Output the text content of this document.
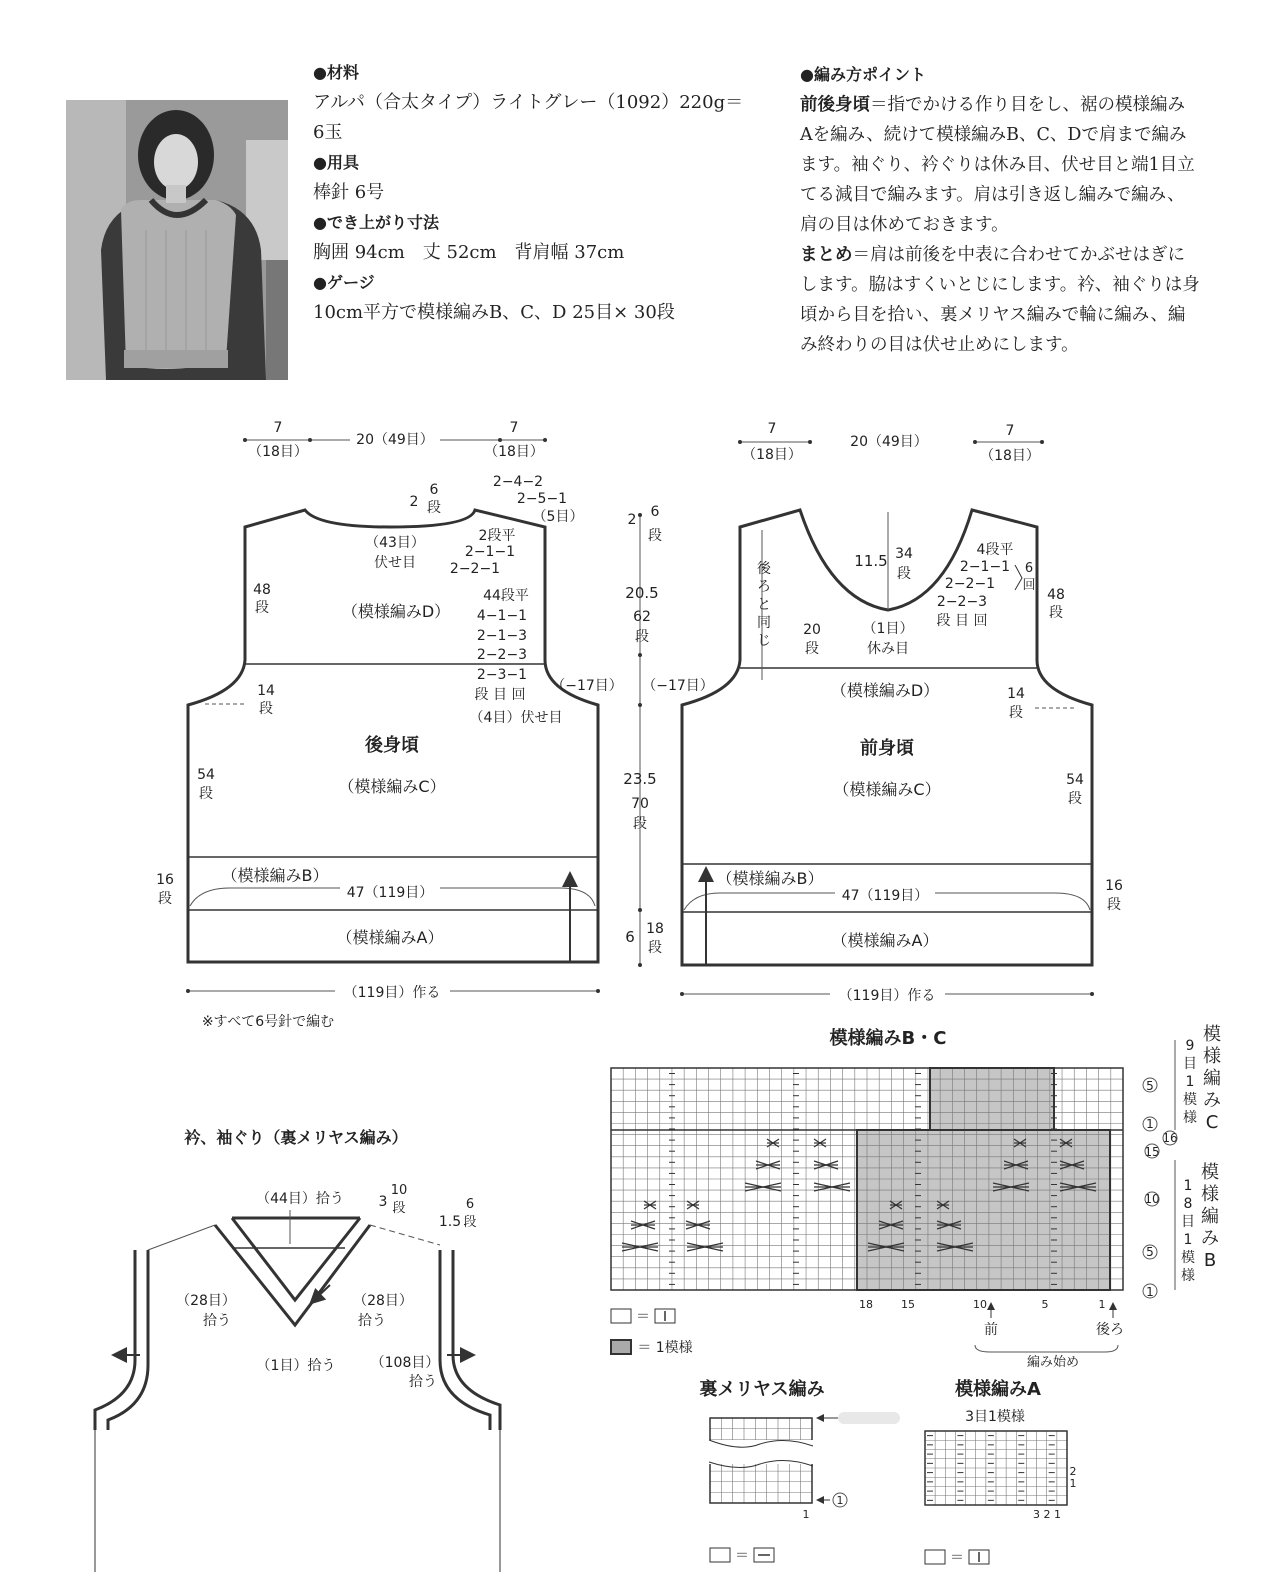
●材料
アルパ（合太タイプ）ライトグレー（1092）220g＝
6玉
●用具
棒針 6号
●でき上がり寸法
胸囲 94cm　丈 52cm　背肩幅 37cm
●ゲージ
10cm平方で模様編みB、C、D 25目× 30段
●編み方ポイント
前後身頃＝指でかける作り目をし、裾の模様編み
Aを編み、続けて模様編みB、C、Dで肩まで編み
ます。袖ぐり、衿ぐりは休み目、伏せ目と端1目立
てる減目で編みます。肩は引き返し編みで編み、
肩の目は休めておきます。
まとめ＝肩は前後を中表に合わせてかぶせはぎに
します。脇はすくいとじにします。衿、袖ぐりは身
頃から目を拾い、裏メリヤス編みで輪に編み、編
み終わりの目は伏せ止めにします。
7
（18目）
20（49目）
7
（18目）
6
段
2
2−4−2
2−5−1
（5目）
（43目）
伏せ目
2段平
2−1−1
2−2−1
48
段	（模様編みD）
44段平
4−1−1
2−1−3
2−2−3
2−3−1
段 目 回
（4目）伏せ目
14
段
後身頃
（模様編みC）
54
段
（−17目）
（模様編みB）
16
段	47（119目）
（模様編みA）
（119目）作る
※すべて6号針で編む
2 6
段
20.5
62
段
23.5
70
段
6 18
段
7
（18目）
20（49目）
7
（18目）
後
ろ
と
同
じ
11.5 34
段
4段平
2−1−1
2−2−1
2−2−3
段 目 回
6
回
20
段
（1目）
休み目
48
段
（−17目）	（模様編みD）	14
段
前身頃
（模様編みC）	54
段
（模様編みB）
47（119目）
16
段
（模様編みA）
（119目）作る
衿、袖ぐり（裏メリヤス編み）
（44目）拾う 3
10
段
1.5
6
段
（28目）
拾う
（28目）
拾う
（1目）拾う	（108目）
拾う
模様編みB・C
5
1
16
15
10
5
1
18	15	10	5	1
前	後ろ
編み始め
＝
＝ 1模様
9
目
1
模
様
模
様
編
み
C
1
8
目
1
模
様
模
様
編
み
B
裏メリヤス編み
1
1
＝
模様編みA
3目1模様
2
1
3 2 1
＝
